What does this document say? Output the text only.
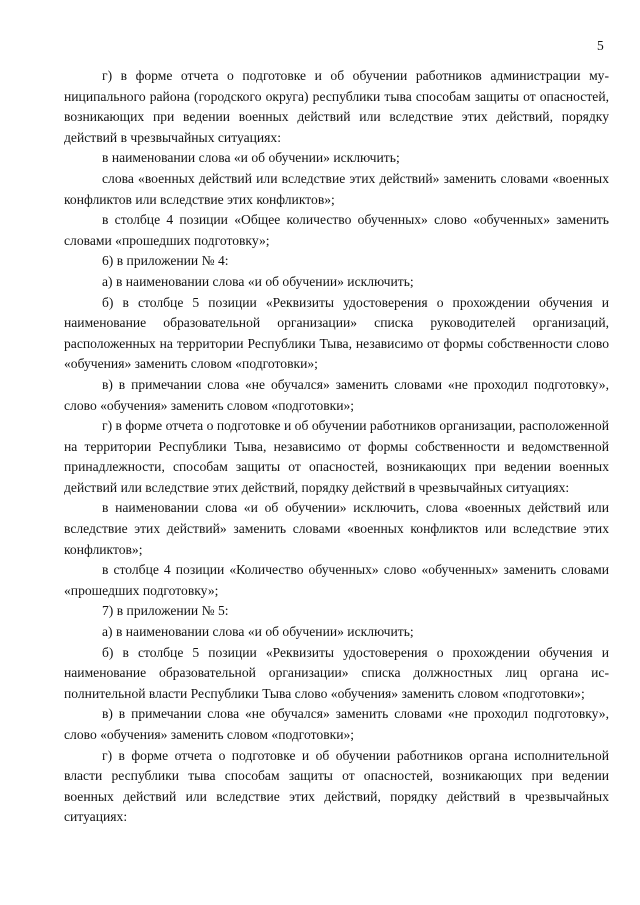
5

г) в форме отчета о подготовке и об обучении работников администрации муниципального района (городского округа) республики тыва способам защиты от опасностей, возникающих при ведении военных действий или вследствие этих действий, порядку действий в чрезвычайных ситуациях:

в наименовании слова «и об обучении» исключить;

слова «военных действий или вследствие этих действий» заменить словами «военных конфликтов или вследствие этих конфликтов»;

в столбце 4 позиции «Общее количество обученных» слово «обученных» заменить словами «прошедших подготовку»;

6) в приложении № 4:

а) в наименовании слова «и об обучении» исключить;

б) в столбце 5 позиции «Реквизиты удостоверения о прохождении обучения и наименование образовательной организации» списка руководителей организаций, расположенных на территории Республики Тыва, независимо от формы собственности слово «обучения» заменить словом «подготовки»;

в) в примечании слова «не обучался» заменить словами «не проходил подготовку», слово «обучения» заменить словом «подготовки»;

г) в форме отчета о подготовке и об обучении работников организации, расположенной на территории Республики Тыва, независимо от формы собственности и ведомственной принадлежности, способам защиты от опасностей, возникающих при ведении военных действий или вследствие этих действий, порядку действий в чрезвычайных ситуациях:

в наименовании слова «и об обучении» исключить, слова «военных действий или вследствие этих действий» заменить словами «военных конфликтов или вследствие этих конфликтов»;

в столбце 4 позиции «Количество обученных» слово «обученных» заменить словами «прошедших подготовку»;

7) в приложении № 5:

а) в наименовании слова «и об обучении» исключить;

б) в столбце 5 позиции «Реквизиты удостоверения о прохождении обучения и наименование образовательной организации» списка должностных лиц органа исполнительной власти Республики Тыва слово «обучения» заменить словом «подготовки»;

в) в примечании слова «не обучался» заменить словами «не проходил подготовку», слово «обучения» заменить словом «подготовки»;

г) в форме отчета о подготовке и об обучении работников органа исполнительной власти республики тыва способам защиты от опасностей, возникающих при ведении военных действий или вследствие этих действий, порядку действий в чрезвычайных ситуациях:
